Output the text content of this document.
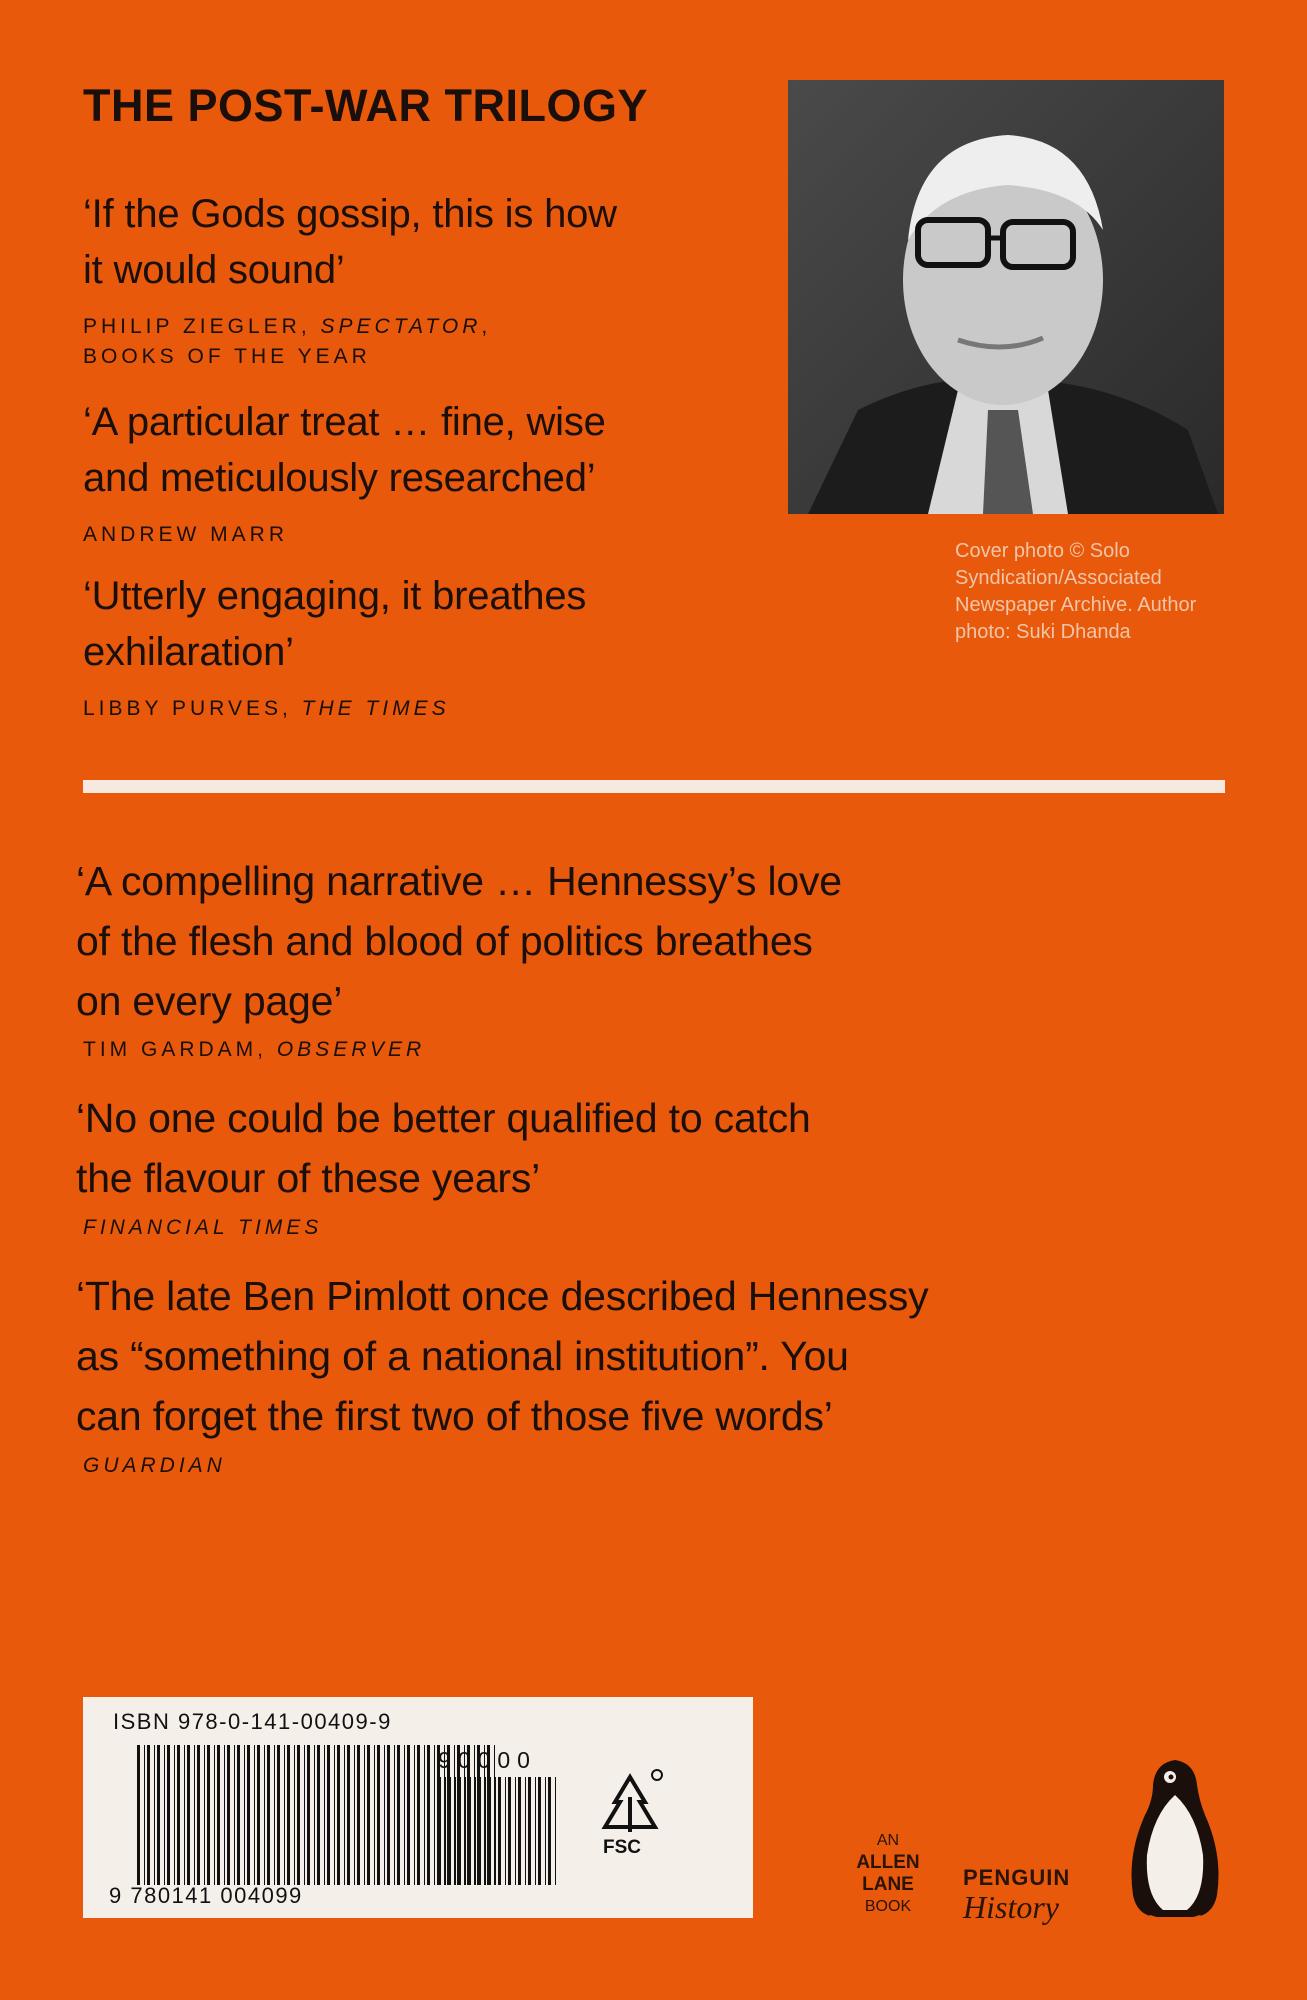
THE POST-WAR TRILOGY
‘If the Gods gossip, this is how
it would sound’
PHILIP ZIEGLER, SPECTATOR,
BOOKS OF THE YEAR
‘A particular treat … fine, wise
and meticulously researched’
ANDREW MARR
‘Utterly engaging, it breathes
exhilaration’
LIBBY PURVES, THE TIMES
Cover photo © Solo
Syndication/Associated
Newspaper Archive. Author
photo: Suki Dhanda
‘A compelling narrative … Hennessy’s love
of the flesh and blood of politics breathes
on every page’
TIM GARDAM, OBSERVER
‘No one could be better qualified to catch
the flavour of these years’
FINANCIAL TIMES
‘The late Ben Pimlott once described Hennessy
as “something of a national institution”. You
can forget the first two of those five words’
GUARDIAN
ISBN 978-0-141-00409-9
90000
9 780141 004099
FSC	AN
ALLEN
LANE
BOOK
PENGUIN
History
